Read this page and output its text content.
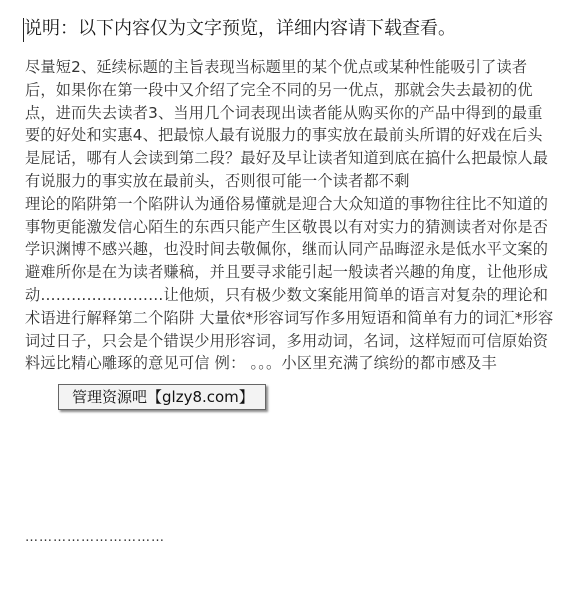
说明：以下内容仅为文字预览，详细内容请下载查看。

尽量短2、延续标题的主旨表现当标题里的某个优点或某种性能吸引了读者后，如果你在第一段中又介绍了完全不同的另一优点，那就会失去最初的优点，进而失去读者3、当用几个词表现出读者能从购买你的产品中得到的最重要的好处和实惠4、把最惊人最有说服力的事实放在最前头所谓的好戏在后头是屁话，哪有人会读到第二段？最好及早让读者知道到底在搞什么把最惊人最有说服力的事实放在最前头，否则很可能一个读者都不剩

理论的陷阱第一个陷阱认为通俗易懂就是迎合大众知道的事物往往比不知道的事物更能激发信心陌生的东西只能产生区敬畏以有对实力的猜测读者对你是否学识渊博不感兴趣，也没时间去敬佩你，继而认同产品晦涩永是低水平文案的避难所你是在为读者赚稿，并且要寻求能引起一般读者兴趣的角度，让他形成动……………………让他烦，只有极少数文案能用简单的语言对复杂的理论和术语进行解释第二个陷阱 大量依*形容词写作多用短语和简单有力的词汇*形容词过日子，只会是个错误少用形容词，多用动词，名词，这样短而可信原始资料远比精心雕琢的意见可信 例： 。。。小区里充满了缤纷的都市感及丰

管理资源吧【glzy8.com】
…………………………
